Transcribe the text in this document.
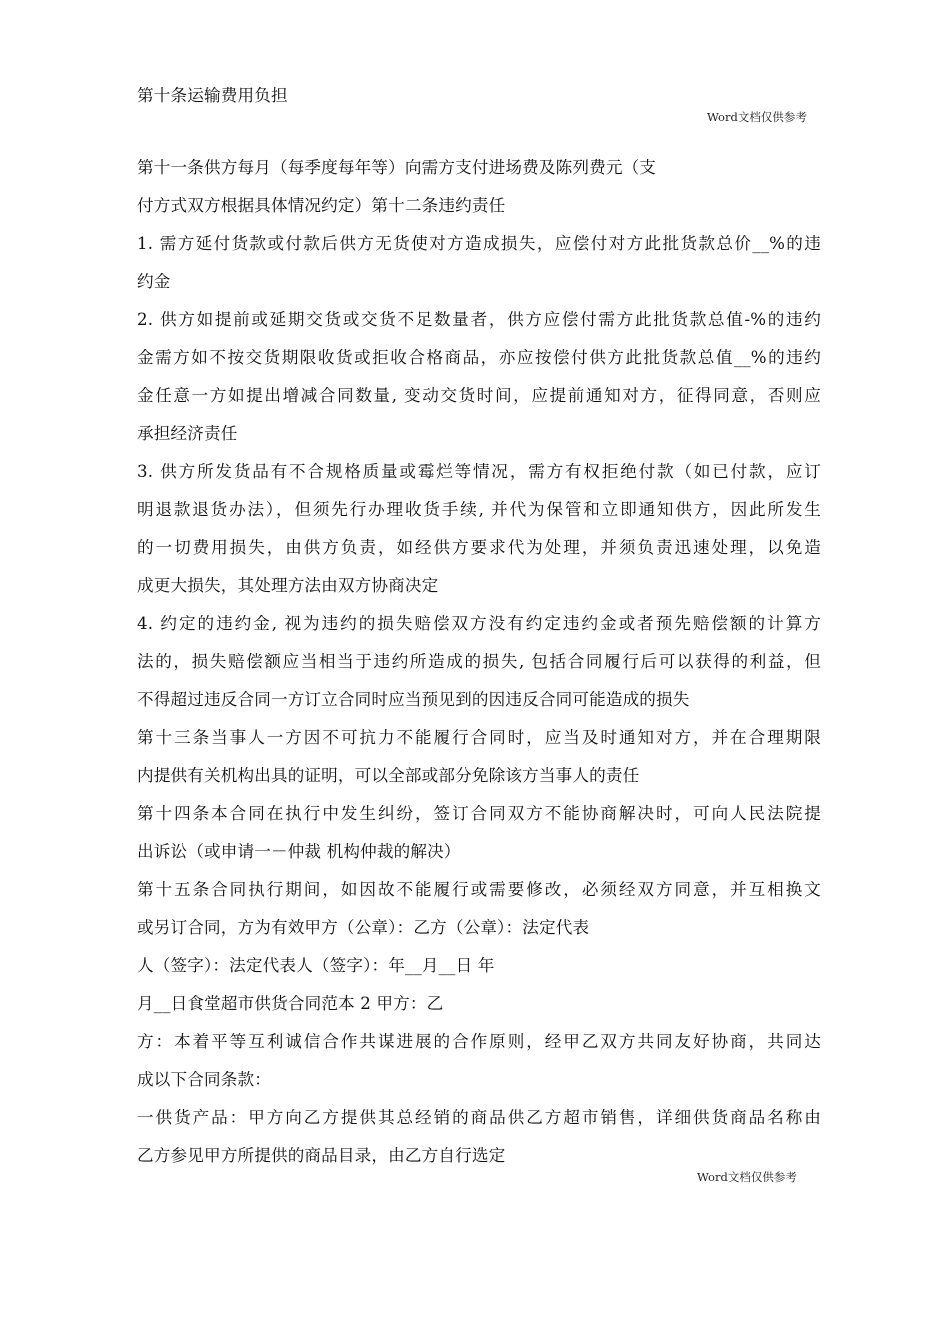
第十条运输费用负担
Word文档仅供参考
第十一条供方每月（每季度每年等）向需方支付进场费及陈列费元（支
付方式双方根据具体情况约定）第十二条违约责任
1. 需方延付货款或付款后供方无货使对方造成损失，应偿付对方此批货款总价__%的违
约金
2. 供方如提前或延期交货或交货不足数量者，供方应偿付需方此批货款总值-%的违约
金需方如不按交货期限收货或拒收合格商品，亦应按偿付供方此批货款总值__%的违约
金任意一方如提出增减合同数量, 变动交货时间，应提前通知对方，征得同意，否则应
承担经济责任
3. 供方所发货品有不合规格质量或霉烂等情况，需方有权拒绝付款（如已付款，应订
明退款退货办法），但须先行办理收货手续, 并代为保管和立即通知供方，因此所发生
的一切费用损失，由供方负责，如经供方要求代为处理，并须负责迅速处理，以免造
成更大损失，其处理方法由双方协商决定
4. 约定的违约金, 视为违约的损失赔偿双方没有约定违约金或者预先赔偿额的计算方
法的，损失赔偿额应当相当于违约所造成的损失, 包括合同履行后可以获得的利益，但
不得超过违反合同一方订立合同时应当预见到的因违反合同可能造成的损失
第十三条当事人一方因不可抗力不能履行合同时，应当及时通知对方，并在合理期限
内提供有关机构出具的证明，可以全部或部分免除该方当事人的责任
第十四条本合同在执行中发生纠纷，签订合同双方不能协商解决时，可向人民法院提
出诉讼（或申请一－仲裁 机构仲裁的解决）
第十五条合同执行期间，如因故不能履行或需要修改，必须经双方同意，并互相换文
或另订合同，方为有效甲方（公章）：乙方（公章）：法定代表
人（签字）：法定代表人（签字）：年__月__日 年
月__日食堂超市供货合同范本 2 甲方：乙
方：本着平等互利诚信合作共谋进展的合作原则，经甲乙双方共同友好协商，共同达
成以下合同条款：
一供货产品：甲方向乙方提供其总经销的商品供乙方超市销售，详细供货商品名称由
乙方参见甲方所提供的商品目录，由乙方自行选定
Word文档仅供参考
